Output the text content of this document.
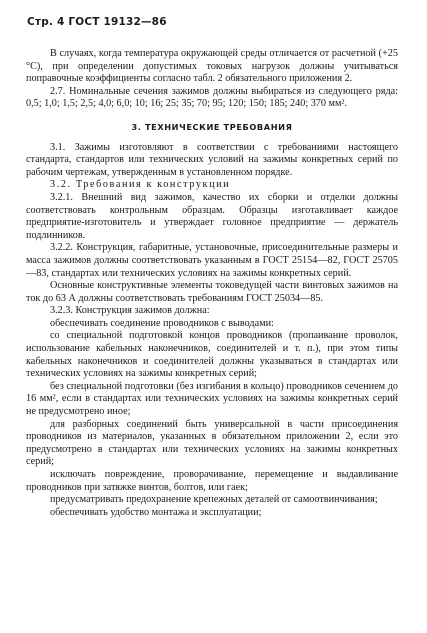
Стр. 4 ГОСТ 19132—86

В случаях, когда температура окружающей среды отличается от расчетной (+25 °С), при определении допустимых токовых нагрузок должны учитываться поправочные коэффициенты согласно табл. 2 обязательного приложения 2.

2.7. Номинальные сечения зажимов должны выбираться из следующего ряда: 0,5; 1,0; 1,5; 2,5; 4,0; 6,0; 10; 16; 25; 35; 70; 95; 120; 150; 185; 240; 370 мм².

3. ТЕХНИЧЕСКИЕ ТРЕБОВАНИЯ

3.1. Зажимы изготовляют в соответствии с требованиями настоящего стандарта, стандартов или технических условий на зажимы конкретных серий по рабочим чертежам, утвержденным в установленном порядке.

3.2. Требования к конструкции

3.2.1. Внешний вид зажимов, качество их сборки и отделки должны соответствовать контрольным образцам. Образцы изготавливает каждое предприятие-изготовитель и утверждает головное предприятие — держатель подлинников.

3.2.2. Конструкция, габаритные, установочные, присоединительные размеры и масса зажимов должны соответствовать указанным в ГОСТ 25154—82, ГОСТ 25705—83, стандартах или технических условиях на зажимы конкретных серий.

Основные конструктивные элементы токоведущей части винтовых зажимов на ток до 63 А должны соответствовать требованиям ГОСТ 25034—85.

3.2.3. Конструкция зажимов должна:

обеспечивать соединение проводников с выводами:

со специальной подготовкой концов проводников (пропаивание проволок, использование кабельных наконечников, соединителей и т. п.), при этом типы кабельных наконечников и соединителей должны указываться в стандартах или технических условиях на зажимы конкретных серий;

без специальной подготовки (без изгибания в кольцо) проводников сечением до 16 мм², если в стандартах или технических условиях на зажимы конкретных серий не предусмотрено иное;

для разборных соединений быть универсальной в части присоединения проводников из материалов, указанных в обязательном приложении 2, если это предусмотрено в стандартах или технических условиях на зажимы конкретных серий;

исключать повреждение, проворачивание, перемещение и выдавливание проводников при затяжке винтов, болтов, или гаек;

предусматривать предохранение крепежных деталей от самоотвинчивания;

обеспечивать удобство монтажа и эксплуатации;
